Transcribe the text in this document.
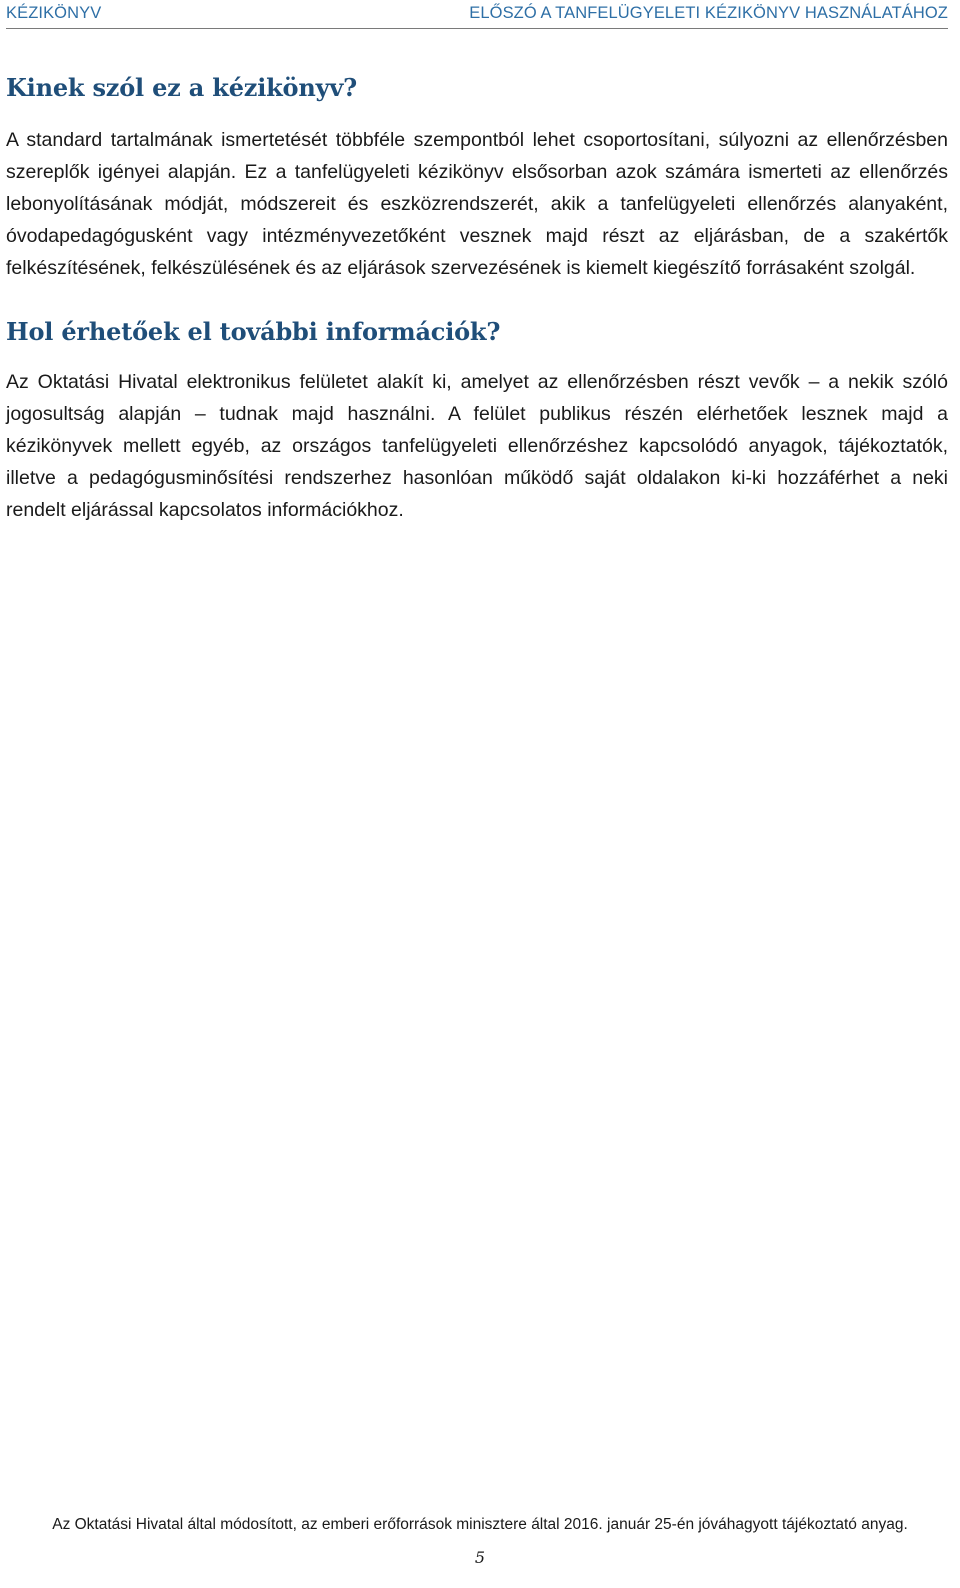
KÉZIKÖNYV	ELŐSZÓ A TANFELÜGYELETI KÉZIKÖNYV HASZNÁLATÁHOZ
Kinek szól ez a kézikönyv?

A standard tartalmának ismertetését többféle szempontból lehet csoportosítani, súlyozni az ellenőrzésben szereplők igényei alapján. Ez a tanfelügyeleti kézikönyv elsősorban azok számára ismerteti az ellenőrzés lebonyolításának módját, módszereit és eszközrendszerét, akik a tanfelügyeleti ellenőrzés alanyaként, óvodapedagógusként vagy intézményvezetőként vesznek majd részt az eljárásban, de a szakértők felkészítésének, felkészülésének és az eljárások szervezésének is kiemelt kiegészítő forrásaként szolgál.

Hol érhetőek el további információk?

Az Oktatási Hivatal elektronikus felületet alakít ki, amelyet az ellenőrzésben részt vevők – a nekik szóló jogosultság alapján – tudnak majd használni. A felület publikus részén elérhetőek lesznek majd a kézikönyvek mellett egyéb, az országos tanfelügyeleti ellenőrzéshez kapcsolódó anyagok, tájékoztatók, illetve a pedagógusminősítési rendszerhez hasonlóan működő saját oldalakon ki-ki hozzáférhet a neki rendelt eljárással kapcsolatos információkhoz.

Az Oktatási Hivatal által módosított, az emberi erőforrások minisztere által 2016. január 25-én jóváhagyott tájékoztató anyag.
5
